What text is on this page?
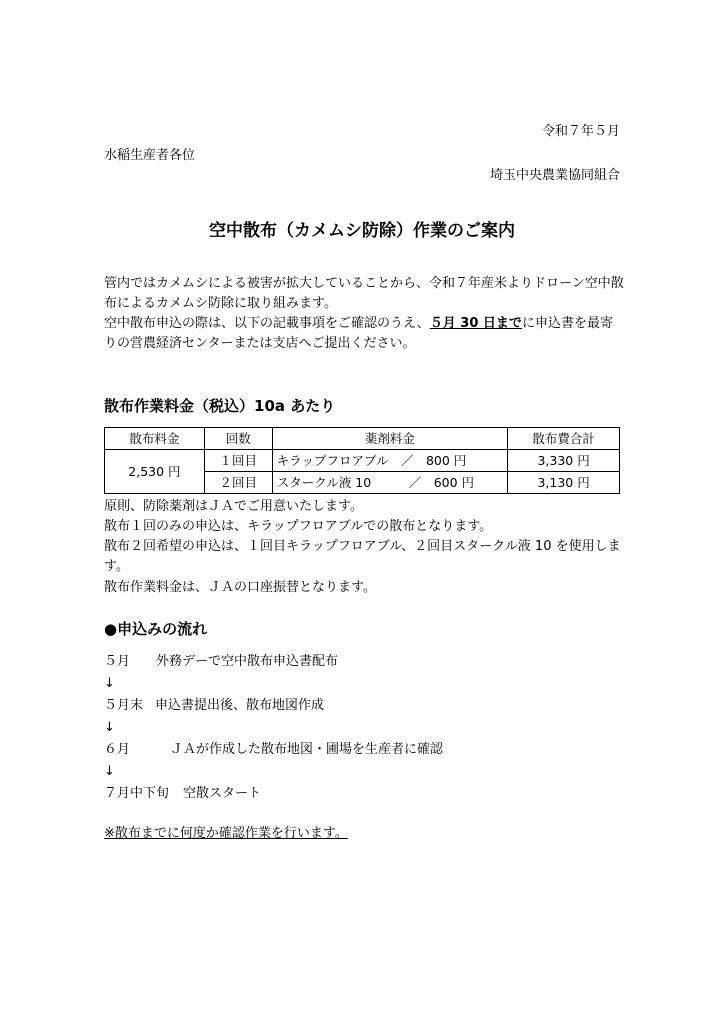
令和７年５月
水稲生産者各位
埼玉中央農業協同組合
空中散布（カメムシ防除）作業のご案内

管内ではカメムシによる被害が拡大していることから、令和７年産米よりドローン空中散布によるカメムシ防除に取り組みます。

空中散布申込の際は、以下の記載事項をご確認のうえ、５月 30 日までに申込書を最寄りの営農経済センターまたは支店へご提出ください。

散布作業料金（税込）10a あたり
散布料金	回数	薬剤料金	散布費合計
2,530 円	１回目	キラップフロアブル　／　800 円	3,330 円
	２回目	スタークル液 10　　　／　600 円	3,130 円

原則、防除薬剤はＪＡでご用意いたします。

散布１回のみの申込は、キラップフロアブルでの散布となります。

散布２回希望の申込は、１回目キラップフロアブル、２回目スタークル液 10 を使用します。

散布作業料金は、ＪＡの口座振替となります。

●申込みの流れ
５月 外務デーで空中散布申込書配布
↓
５月末 申込書提出後、散布地図作成
↓
６月	ＪＡが作成した散布地図・圃場を生産者に確認
↓
７月中下旬 空散スタート
※散布までに何度か確認作業を行います。
